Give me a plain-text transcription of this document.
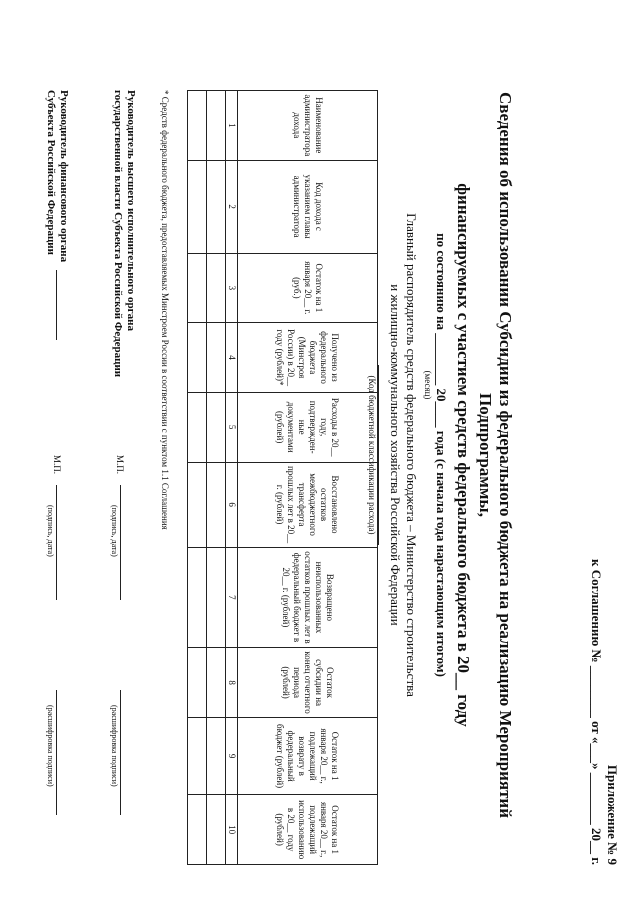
Приложение № 9
к Соглашению № ________ от «___» ________ 20__ г.

Сведения об использовании Субсидии из федерального бюджета на реализацию Мероприятий Подпрограммы,

финансируемых с участием средств федерального бюджета в 20__ году

по состоянию на ________ 20____ года (с начала года нарастающим итогом)
(месяц)
Главный распорядитель средств федерального бюджета – Министерство строительства
и жилищно-коммунального хозяйства Российской Федерации
(Код бюджетной классификации расхода)
Наименование администратора дохода	Код дохода с указанием главы администратора	Остаток на 1 января 20__ г. (руб.)	Получено из федерального бюджета (Минстроя России) в 20__ году (рублей)*	Расходы в 20__ году, подтвержден-ные документами (рублей)	Восстановлено остатков межбюджетного трансферта прошлых лет в 20__ г. (рублей)	Возвращено неиспользованных остатков прошлых лет в федеральный бюджет в 20__ г. (рублей)	Остаток субсидии на конец отчетного периода (рублей)	Остаток на 1 января 20__ г., подлежащий возврату в федеральный бюджет (рублей)	Остаток на 1 января 20__ г., подлежащий использованию в 20__ году (рублей)
1	2	3	4	5	6	7	8	9	10

* Средств федерального бюджета, предоставляемых Минстроем России в соответствии с пунктом 1.1 Соглашения
Руководитель высшего исполнительного органа
государственной власти Субъекта Российской Федерации
М.П.
(подпись, дата)
(расшифровка подписи)
Руководитель финансового органа
Субъекта Российской Федерации
М.П.
(подпись, дата)
(расшифровка подписи)
